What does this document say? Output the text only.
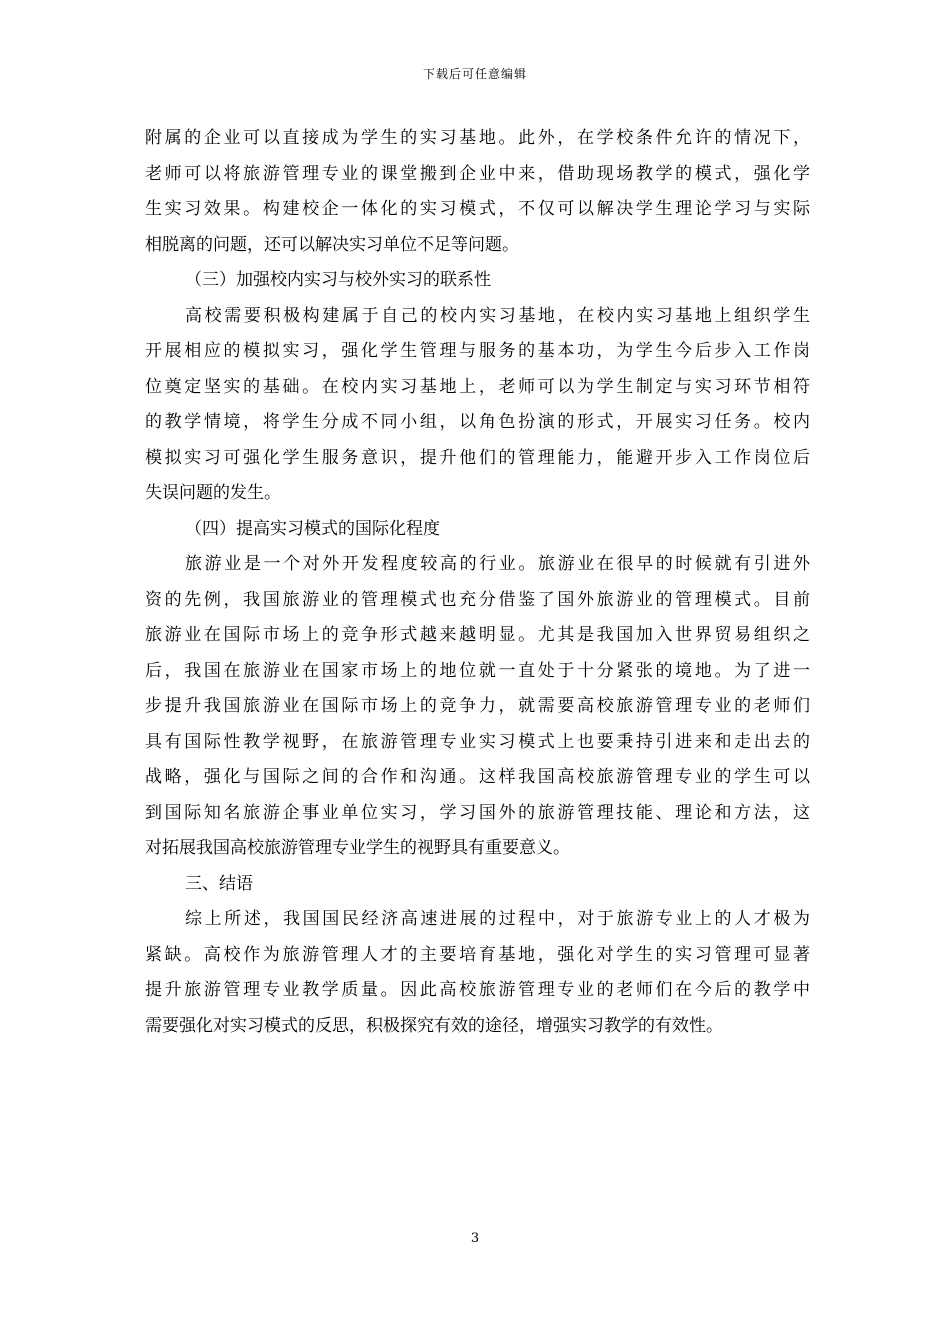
下载后可任意编辑
附属的企业可以直接成为学生的实习基地。此外，在学校条件允许的情况下，
老师可以将旅游管理专业的课堂搬到企业中来，借助现场教学的模式，强化学
生实习效果。构建校企一体化的实习模式，不仅可以解决学生理论学习与实际
相脱离的问题，还可以解决实习单位不足等问题。
（三）加强校内实习与校外实习的联系性
高校需要积极构建属于自己的校内实习基地，在校内实习基地上组织学生
开展相应的模拟实习，强化学生管理与服务的基本功，为学生今后步入工作岗
位奠定坚实的基础。在校内实习基地上，老师可以为学生制定与实习环节相符
的教学情境，将学生分成不同小组，以角色扮演的形式，开展实习任务。校内
模拟实习可强化学生服务意识，提升他们的管理能力，能避开步入工作岗位后
失误问题的发生。
（四）提高实习模式的国际化程度
旅游业是一个对外开发程度较高的行业。旅游业在很早的时候就有引进外
资的先例，我国旅游业的管理模式也充分借鉴了国外旅游业的管理模式。目前
旅游业在国际市场上的竞争形式越来越明显。尤其是我国加入世界贸易组织之
后，我国在旅游业在国家市场上的地位就一直处于十分紧张的境地。为了进一
步提升我国旅游业在国际市场上的竞争力，就需要高校旅游管理专业的老师们
具有国际性教学视野，在旅游管理专业实习模式上也要秉持引进来和走出去的
战略，强化与国际之间的合作和沟通。这样我国高校旅游管理专业的学生可以
到国际知名旅游企事业单位实习，学习国外的旅游管理技能、理论和方法，这
对拓展我国高校旅游管理专业学生的视野具有重要意义。
三、结语
综上所述，我国国民经济高速进展的过程中，对于旅游专业上的人才极为
紧缺。高校作为旅游管理人才的主要培育基地，强化对学生的实习管理可显著
提升旅游管理专业教学质量。因此高校旅游管理专业的老师们在今后的教学中
需要强化对实习模式的反思，积极探究有效的途径，增强实习教学的有效性。
3
